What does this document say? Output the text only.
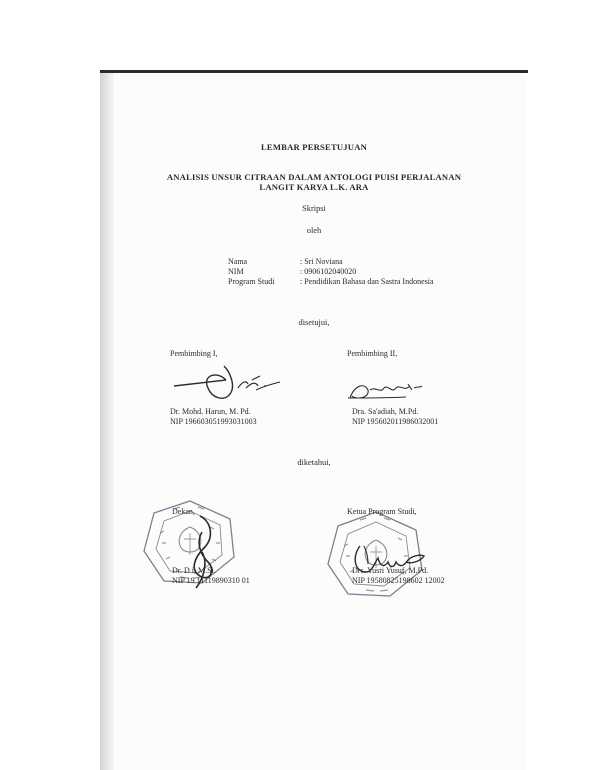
LEMBAR PERSETUJUAN
ANALISIS UNSUR CITRAAN DALAM ANTOLOGI PUISI PERJALANAN
LANGIT KARYA L.K. ARA
Skripsi
oleh
Nama	: Sri Noviana
NIM	: 0906102040020
Program Studi	: Pendidikan Bahasa dan Sastra Indonesia
disetujui,
Pembimbing I,	Pembimbing II,
Dr. Mohd. Harun, M. Pd.
NIP 196603051993031003
Dra. Sa'adiah, M.Pd.
NIP 195602011986032001
diketahui,
Dekan,
Dr. D i, M.Si.
NIP 19 11119890310 01
Ketua Program Studi,
Drs. Yusri Yusuf, M.Pd.
NIP 19580825198602 12002
